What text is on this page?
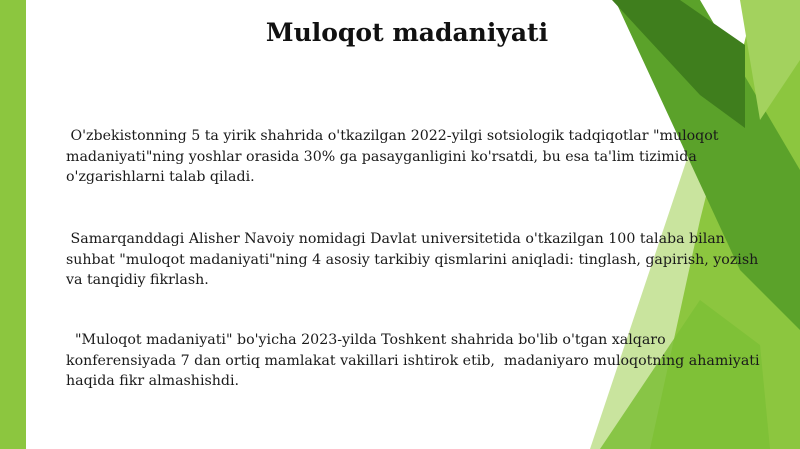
Muloqot madaniyati

O'zbekistonning 5 ta yirik shahrida o'tkazilgan 2022-yilgi sotsiologik tadqiqotlar "muloqot madaniyati"ning yoshlar orasida 30% ga pasayganligini ko'rsatdi, bu esa ta'lim tizimida o'zgarishlarni talab qiladi.

Samarqanddagi Alisher Navoiy nomidagi Davlat universitetida o'tkazilgan 100 talaba bilan suhbat "muloqot madaniyati"ning 4 asosiy tarkibiy qismlarini aniqladi: tinglash, gapirish, yozish va tanqidiy fikrlash.

"Muloqot madaniyati" bo'yicha 2023-yilda Toshkent shahrida bo'lib o'tgan xalqaro konferensiyada 7 dan ortiq mamlakat vakillari ishtirok etib,  madaniyaro muloqotning ahamiyati haqida fikr almashishdi.
